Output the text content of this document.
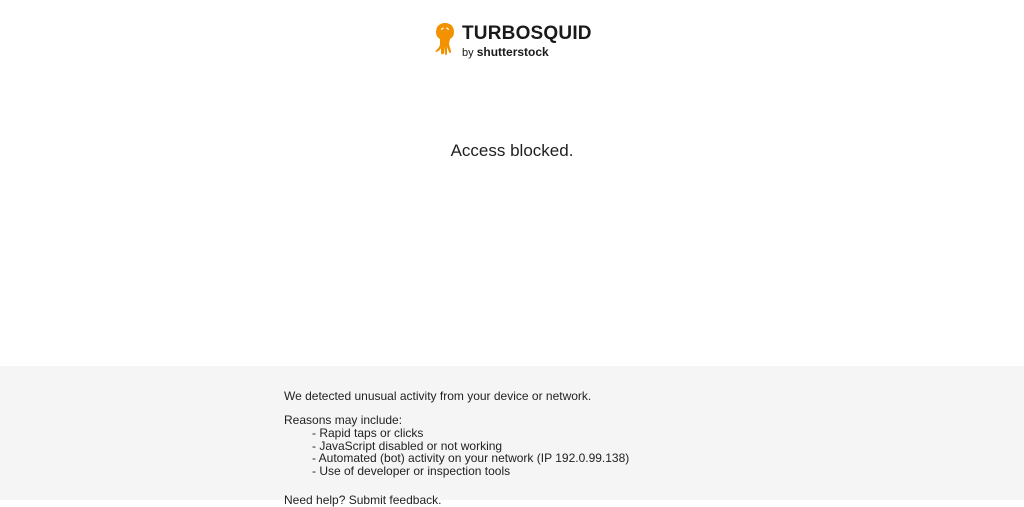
TURBOSQUID
by shutterstock
Access blocked.

We detected unusual activity from your device or network.

Reasons may include:

- Rapid taps or clicks
- JavaScript disabled or not working
- Automated (bot) activity on your network (IP 192.0.99.138)
- Use of developer or inspection tools

Need help? Submit feedback.
